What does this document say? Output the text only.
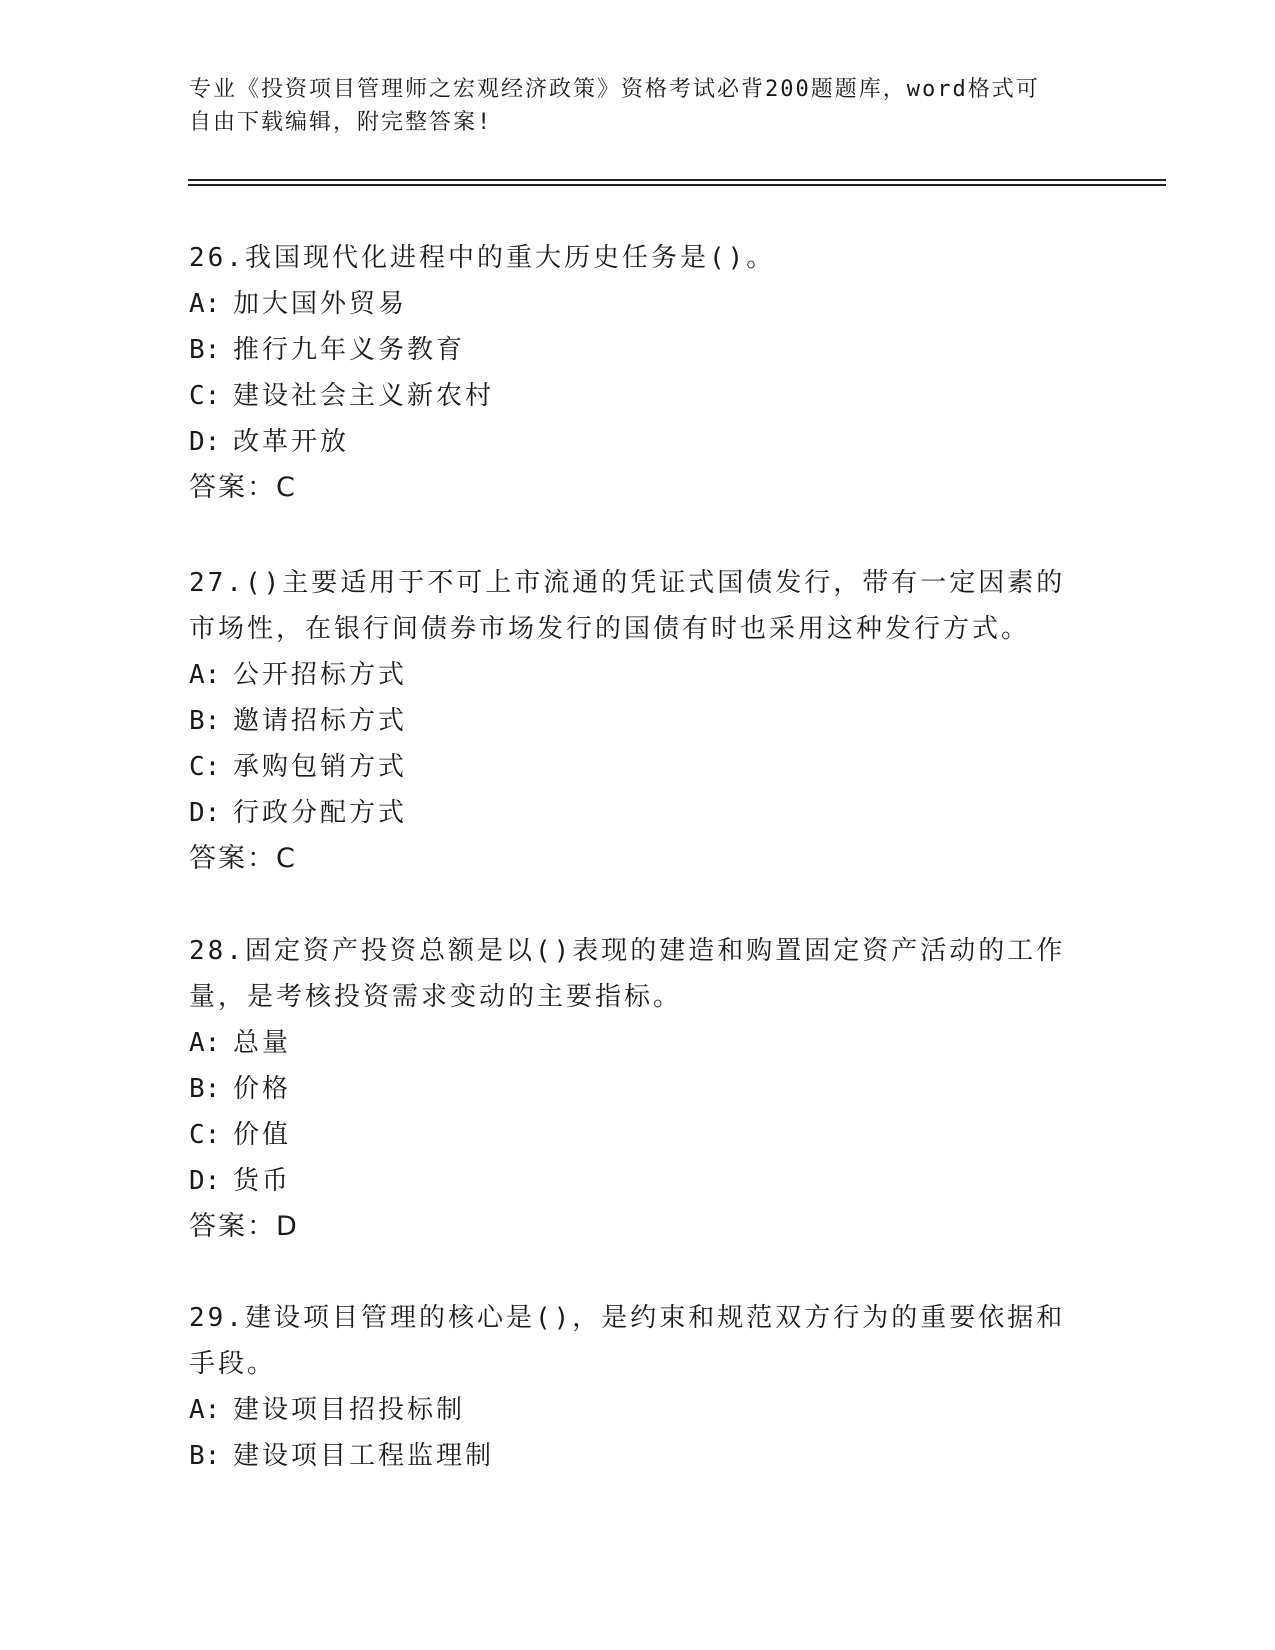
专业《投资项目管理师之宏观经济政策》资格考试必背200题题库，word格式可
自由下载编辑，附完整答案!

26.我国现代化进程中的重大历史任务是()。

A: 加大国外贸易

B: 推行九年义务教育

C: 建设社会主义新农村

D: 改革开放

答案：C

27.()主要适用于不可上市流通的凭证式国债发行，带有一定因素的市场性，在银行间债券市场发行的国债有时也采用这种发行方式。

A: 公开招标方式

B: 邀请招标方式

C: 承购包销方式

D: 行政分配方式

答案：C

28.固定资产投资总额是以()表现的建造和购置固定资产活动的工作量，是考核投资需求变动的主要指标。

A: 总量

B: 价格

C: 价值

D: 货币

答案：D

29.建设项目管理的核心是()，是约束和规范双方行为的重要依据和手段。

A: 建设项目招投标制

B: 建设项目工程监理制
